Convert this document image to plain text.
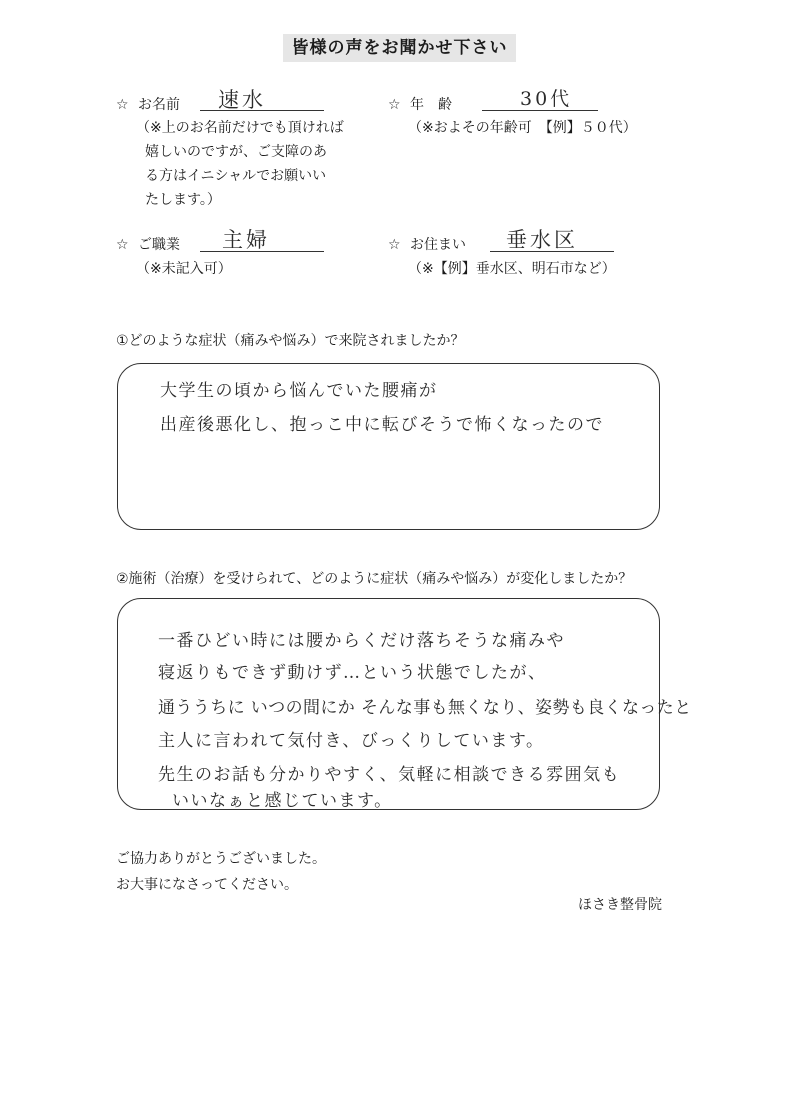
皆様の声をお聞かせ下さい
☆ お名前 速水
（※上のお名前だけでも頂ければ
嬉しいのですが、ご支障のあ
る方はイニシャルでお願いい
たします。）
☆ 年　齢	30代
（※およその年齢可　【例】５０代）
☆ ご職業 主婦
（※未記入可）
☆ お住まい 垂水区
（※【例】垂水区、明石市など）
①どのような症状（痛みや悩み）で来院されましたか？
大学生の頃から悩んでいた腰痛が
出産後悪化し、抱っこ中に転びそうで怖くなったので
②施術（治療）を受けられて、どのように症状（痛みや悩み）が変化しましたか？
一番ひどい時には腰からくだけ落ちそうな痛みや
寝返りもできず動けず…という状態でしたが、
通ううちに いつの間にか そんな事も無くなり、姿勢も良くなったと
主人に言われて気付き、びっくりしています。
先生のお話も分かりやすく、気軽に相談できる雰囲気も
いいなぁと感じています。
ご協力ありがとうございました。
お大事になさってください。
ほさき整骨院
